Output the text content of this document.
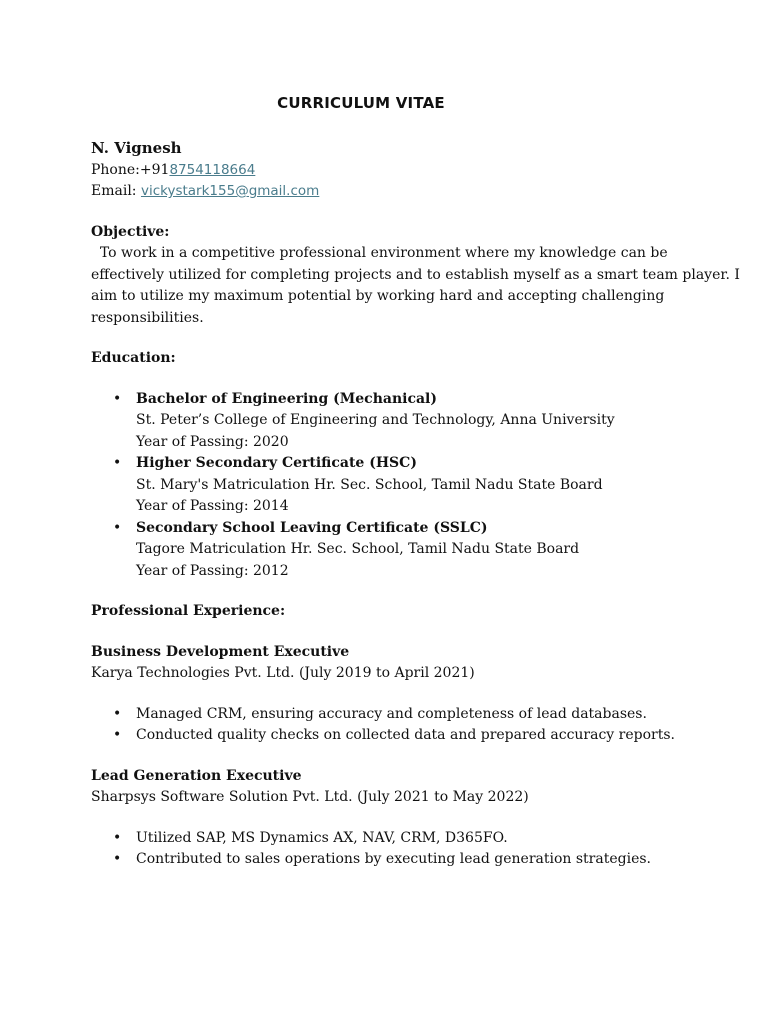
CURRICULUM VITAE

N. Vignesh

Phone:+918754118664

Email: vickystark155@gmail.com

Objective:

To work in a competitive professional environment where my knowledge can be

effectively utilized for completing projects and to establish myself as a smart team player. I

aim to utilize my maximum potential by working hard and accepting challenging

responsibilities.

Education:

• Bachelor of Engineering (Mechanical)

St. Peter’s College of Engineering and Technology, Anna University

Year of Passing: 2020

• Higher Secondary Certificate (HSC)

St. Mary's Matriculation Hr. Sec. School, Tamil Nadu State Board

Year of Passing: 2014

• Secondary School Leaving Certificate (SSLC)

Tagore Matriculation Hr. Sec. School, Tamil Nadu State Board

Year of Passing: 2012

Professional Experience:

Business Development Executive

Karya Technologies Pvt. Ltd. (July 2019 to April 2021)

• Managed CRM, ensuring accuracy and completeness of lead databases.

• Conducted quality checks on collected data and prepared accuracy reports.

Lead Generation Executive

Sharpsys Software Solution Pvt. Ltd. (July 2021 to May 2022)

• Utilized SAP, MS Dynamics AX, NAV, CRM, D365FO.

• Contributed to sales operations by executing lead generation strategies.
